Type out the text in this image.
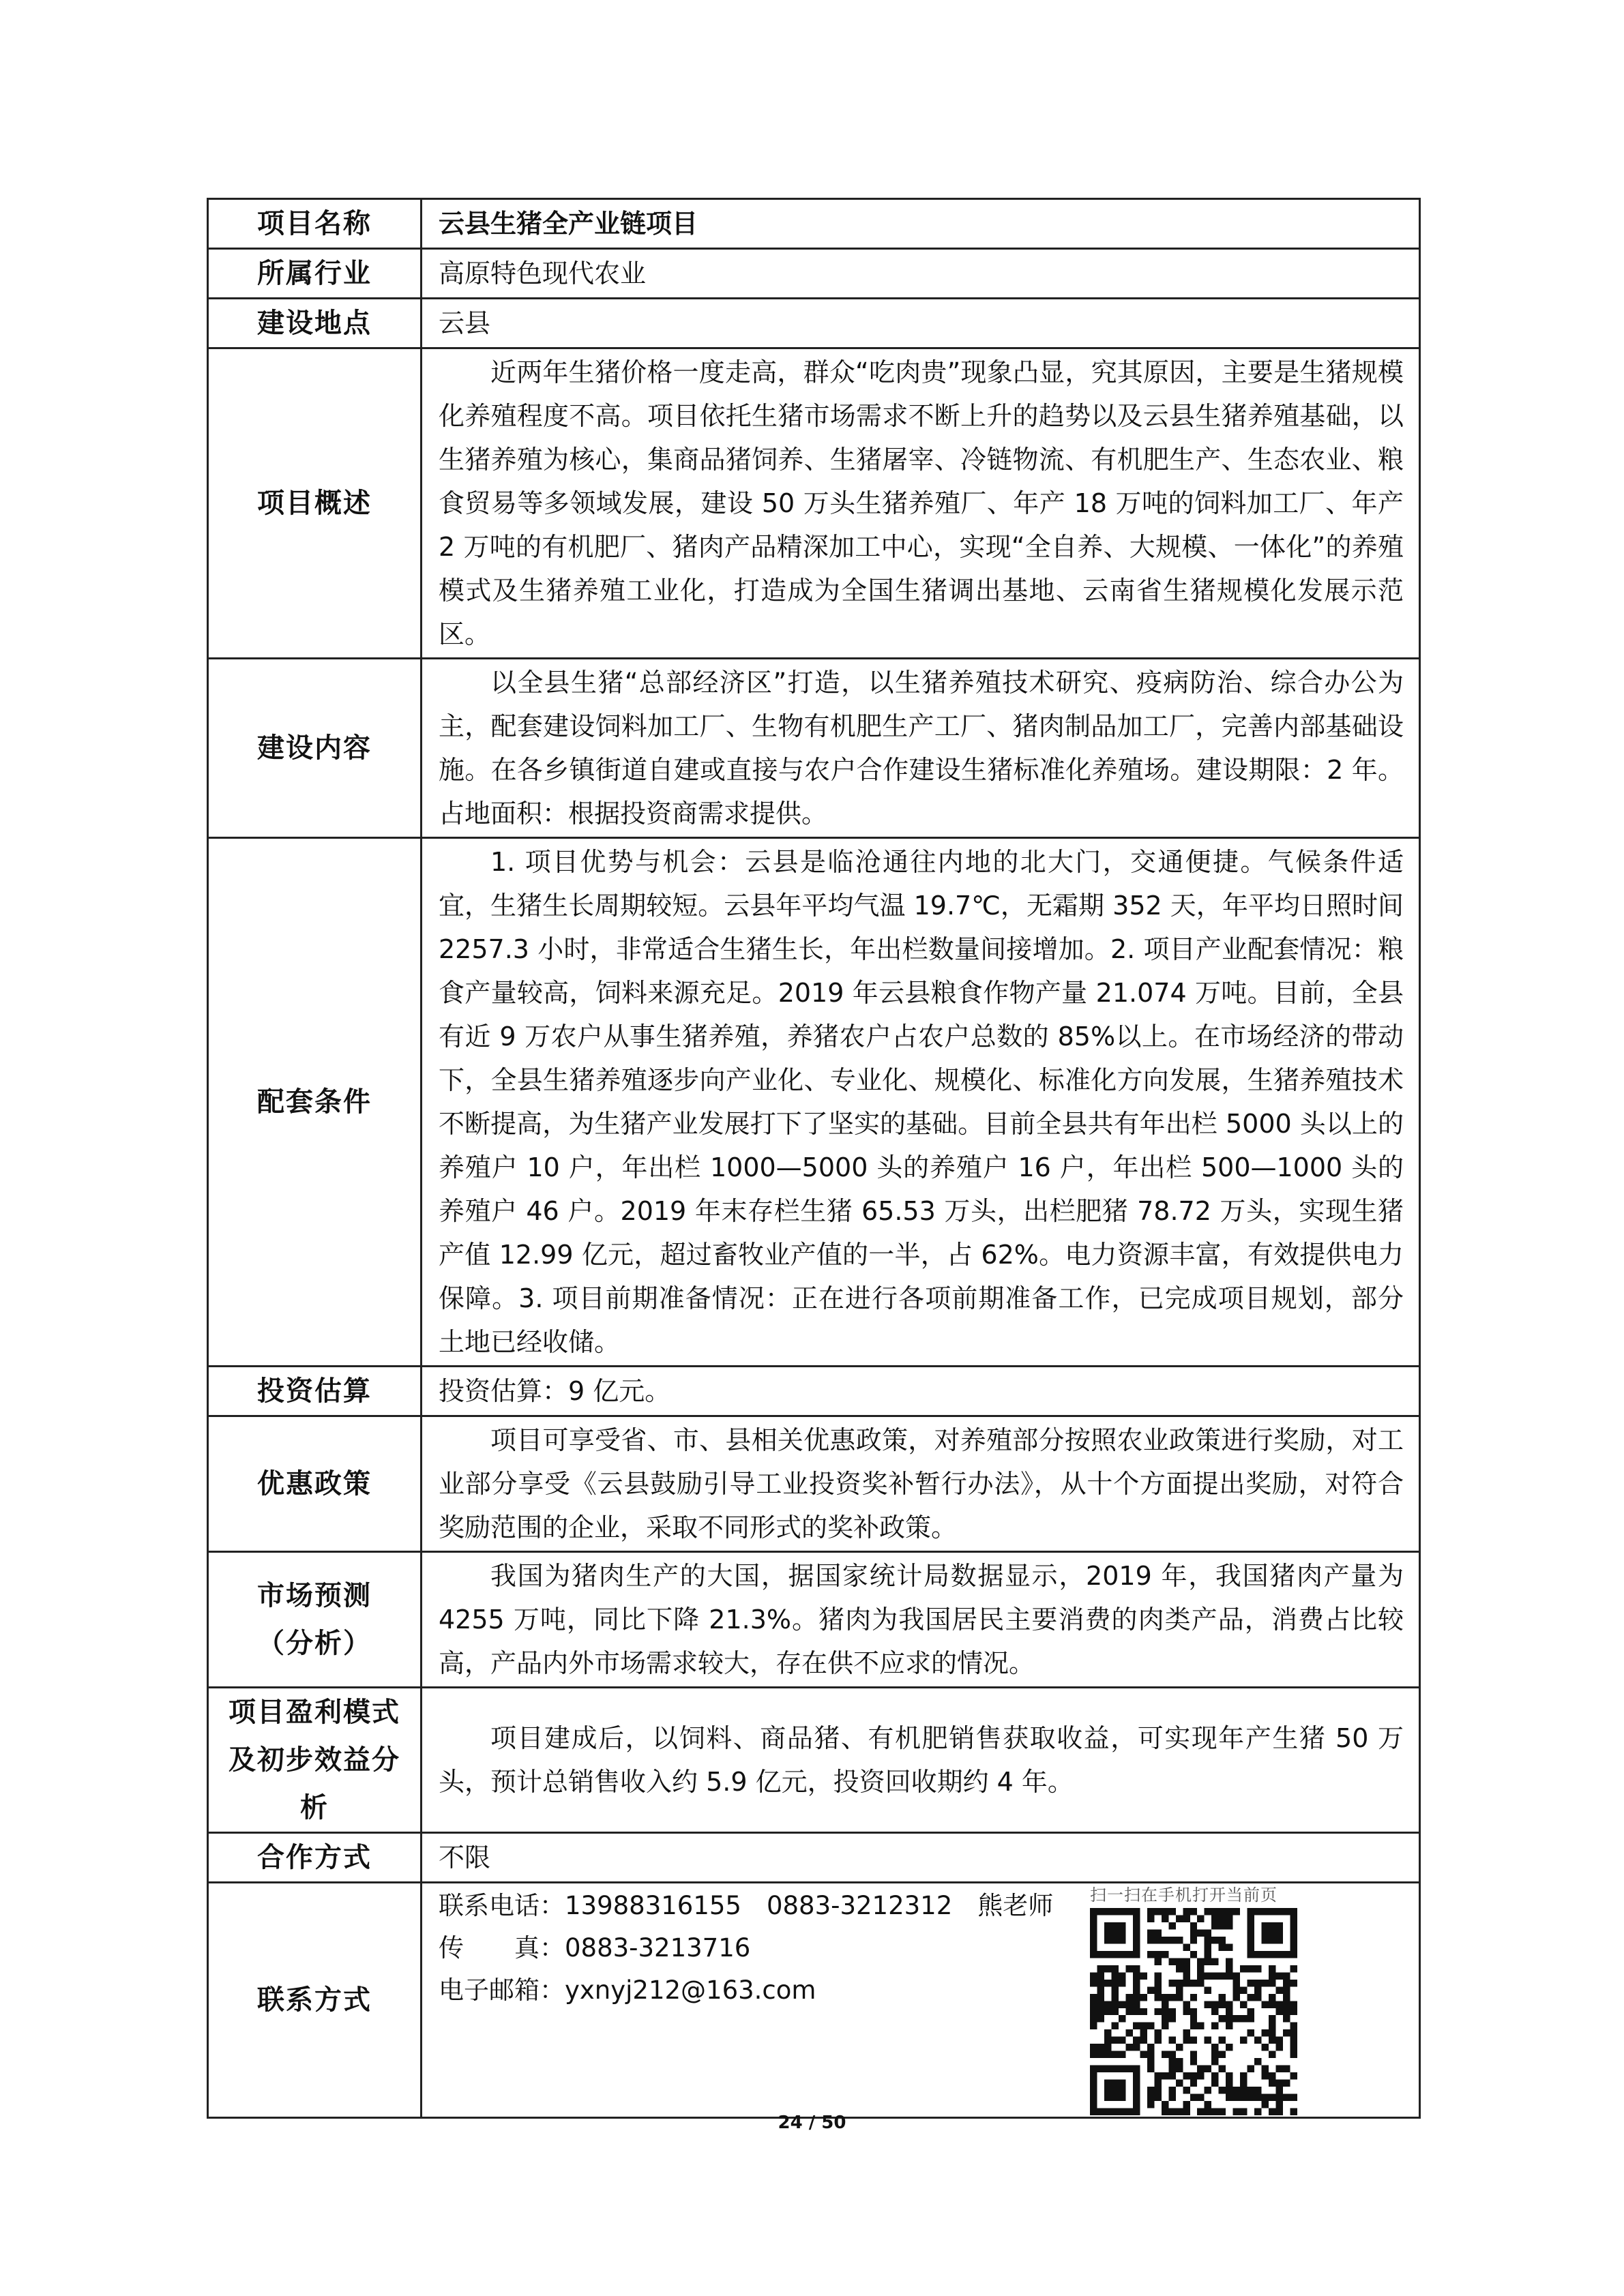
项目名称	云县生猪全产业链项目
所属行业	高原特色现代农业
建设地点	云县
项目概述	近两年生猪价格一度走高，群众“吃肉贵”现象凸显，究其原因，主要是生猪规模化养殖程度不高。项目依托生猪市场需求不断上升的趋势以及云县生猪养殖基础，以生猪养殖为核心，集商品猪饲养、生猪屠宰、冷链物流、有机肥生产、生态农业、粮食贸易等多领域发展，建设 50 万头生猪养殖厂、年产 18 万吨的饲料加工厂、年产 2 万吨的有机肥厂、猪肉产品精深加工中心，实现“全自养、大规模、一体化”的养殖模式及生猪养殖工业化，打造成为全国生猪调出基地、云南省生猪规模化发展示范区。
建设内容	以全县生猪“总部经济区”打造，以生猪养殖技术研究、疫病防治、综合办公为主，配套建设饲料加工厂、生物有机肥生产工厂、猪肉制品加工厂，完善内部基础设施。在各乡镇街道自建或直接与农户合作建设生猪标准化养殖场。建设期限：2 年。占地面积：根据投资商需求提供。
配套条件	1. 项目优势与机会：云县是临沧通往内地的北大门，交通便捷。气候条件适宜，生猪生长周期较短。云县年平均气温 19.7℃，无霜期 352 天，年平均日照时间 2257.3 小时，非常适合生猪生长，年出栏数量间接增加。2. 项目产业配套情况：粮食产量较高，饲料来源充足。2019 年云县粮食作物产量 21.074 万吨。目前，全县有近 9 万农户从事生猪养殖，养猪农户占农户总数的 85%以上。在市场经济的带动下，全县生猪养殖逐步向产业化、专业化、规模化、标准化方向发展，生猪养殖技术不断提高，为生猪产业发展打下了坚实的基础。目前全县共有年出栏 5000 头以上的养殖户 10 户，年出栏 1000—5000 头的养殖户 16 户，年出栏 500—1000 头的养殖户 46 户。2019 年末存栏生猪 65.53 万头，出栏肥猪 78.72 万头，实现生猪产值 12.99 亿元，超过畜牧业产值的一半，占 62%。电力资源丰富，有效提供电力保障。3. 项目前期准备情况：正在进行各项前期准备工作，已完成项目规划，部分土地已经收储。
投资估算	投资估算：9 亿元。
优惠政策	项目可享受省、市、县相关优惠政策，对养殖部分按照农业政策进行奖励，对工业部分享受《云县鼓励引导工业投资奖补暂行办法》，从十个方面提出奖励，对符合奖励范围的企业，采取不同形式的奖补政策。

市场预测
（分析）	我国为猪肉生产的大国，据国家统计局数据显示，2019 年，我国猪肉产量为 4255 万吨，同比下降 21.3%。猪肉为我国居民主要消费的肉类产品，消费占比较高，产品内外市场需求较大，存在供不应求的情况。

项目盈利模式
及初步效益分
析	项目建成后，以饲料、商品猪、有机肥销售获取收益，可实现年产生猪 50 万头，预计总销售收入约 5.9 亿元，投资回收期约 4 年。
合作方式	不限
联系方式	联系电话：13988316155　0883-3212312　熊老师
传　　真：0883-3213716
电子邮箱：yxnyj212@163.com
扫一扫在手机打开当前页
24 / 50
